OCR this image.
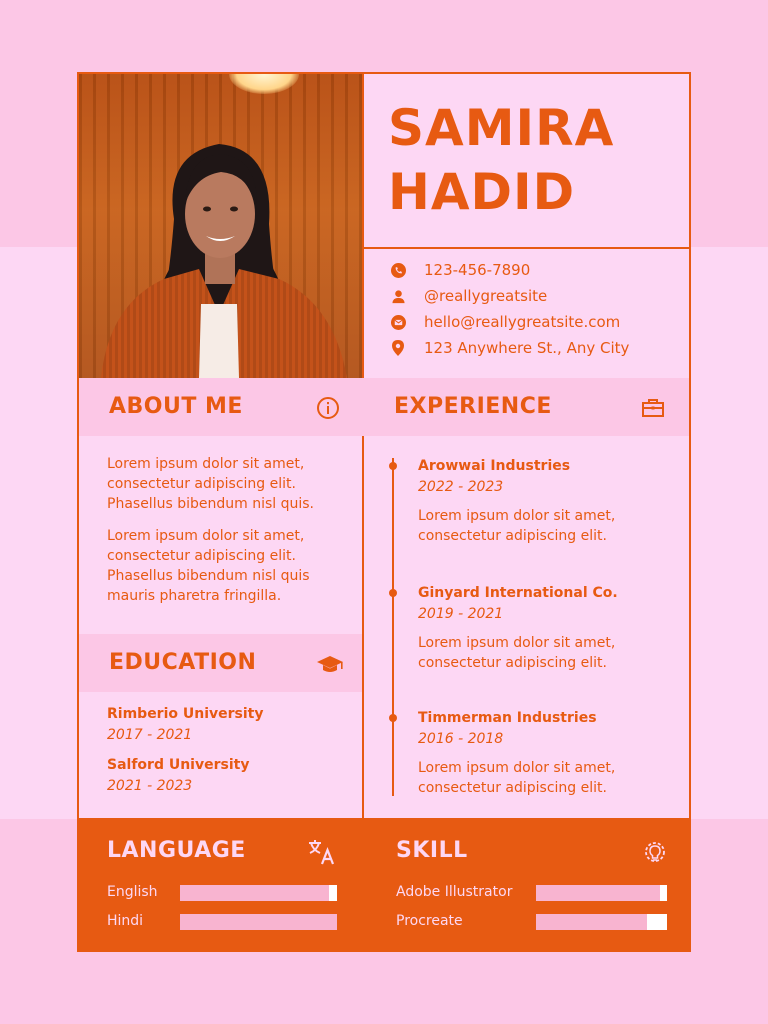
SAMIRA
HADID
123-456-7890
@reallygreatsite
hello@reallygreatsite.com
123 Anywhere St., Any City
ABOUT ME

Lorem ipsum dolor sit amet, consectetur adipiscing elit. Phasellus bibendum nisl quis.

Lorem ipsum dolor sit amet, consectetur adipiscing elit. Phasellus bibendum nisl quis mauris pharetra fringilla.

EDUCATION
Rimberio University
2017 - 2021
Salford University
2021 - 2023
EXPERIENCE
Arowwai Industries
2022 - 2023
Lorem ipsum dolor sit amet, consectetur adipiscing elit.
Ginyard International Co.
2019 - 2021
Lorem ipsum dolor sit amet, consectetur adipiscing elit.
Timmerman Industries
2016 - 2018
Lorem ipsum dolor sit amet, consectetur adipiscing elit.
LANGUAGE
English
Hindi
SKILL
Adobe Illustrator
Procreate
